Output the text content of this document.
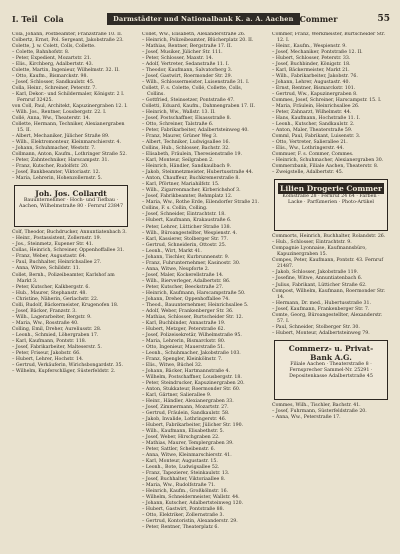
I. Teil Cola	Darmstädter und Nationalbank K. a. A. Aachen Commer	55

Cola, Johann, Postbeamter, Franzstraße 10. II.

Colbertz, Ernst, Pol. Sergeant, Jakobstraße 23.

Colette, J. w. Colett, Colls, Collette.

– Colette, Bahnhofstr. 8.

– Peter, Expedient, Mozartstr. 21.

– Elis., Kirchberg, Adalbertstr. 43.

Colette, Martin, Ingenieur, Wilhelmstr. 32. II.

– Otto, Kaufm., Bismarckstr. 98.

– Josef, Schlosser, Sandkaulstr. 45.

Colla, Heinr., Schreiner, Peterstr. 7.

– Karl, Dekor.- und Schildermaler, Königstr. 2 I. Fernruf 32425.

von Coll, Paul, Architekt, Kapuzinergraben 12. I.

– Wilh. Jos., Rentner, Lousbergstr. 22. I.

Collé, Anna, Ww., Theaterstr. 14.

Collette, Hermann, Techniker, Alexianergraben 15. II.

– Albert, Mechaniker, Jülicher Straße 89.

– Wilh., Elektromonteur, Kleinmarschierstr. 4.

– Johann, Schuhmacher, Weststr. 7.

Collmann, Anton, Kaufm., Lothringer Straße 52.

– Peter, Zahntechniker, Harscampstr. 31.

– Franz, Kutscher, Rudolfstr. 20.

– Josef, Bankbeamter, Viktoriastr. 12.

– Maria, Lehrerin, Hohenzollernstr. 5.

Joh. Jos. Collardt
Bauunternehmer · Hoch- und Tiefbau · Aachen, Wilhelmstraße 80 · Fernruf 23847

Colf, Theodor, Buchdrucker, Annuntiatenbach 3.

– Heinr., Postassistent, Zollernstr. 19.

– Jos., Steinmetz, Eupener Str. 41.

Collas, Heinrich, Schreiner, Oppenhoffallee 31.

– Franz, Weber, Augustastr. 64.

– Paul, Buchhalter, Heinrichsallee 27.

– Anna, Witwe, Schildstr. 11.

Collet, Bernh., Polizeibeamter, Karlshof am Markt 3.

– Peter, Kutscher, Kalkbergstr. 6.

– Hub., Maurer, Stephanstr. 48.

– Christine, Näherin, Gerlachstr. 22.

Colli, Rudolf, Bäckermeister, Krugenofen 18.

– Josef, Bäcker, Franzstr. 3.

– Wilh., Lagerarbeiter, Bergstr. 9.

– Maria, Ww., Rosstraße 40.

Colling, Emil, Dreher, Aureliusstr. 28.

– Leonh., Schmied, Löhergraben 17.

– Karl, Kaufmann, Pontstr. 118.

– Josef, Fabrikarbeiter, Malteserstr. 5.

– Peter, Friseur, Jakobstr. 66.

– Hubert, Lehrer, Hochstr. 14.

– Gertrud, Verkäuferin, Wirichsbongardstr. 35.

– Wilhelm, Kupferschläger, Süsterfeldstr. 2.

Collet, Ww., Elisabeth, Alexanderstraße 26.

– Heinrich, Polizeibeamter, Blücherplatz 20. II.

– Mathias, Rentner, Bergstraße 17. II.

– Josef, Musiker, Jülicher Str. 111.

– Peter, Schlosser, Maxstr. 14.

– Adolf, Vertreter, Sedanstraße 11. I.

– Theodor, Kaufmann, Salvatorberg 3.

– Josef, Gastwirt, Roermonder Str. 29.

– Wilh., Schlossermeister, Luisenstraße 31. I.

Collett, F. s. Colette, Collé, Collette, Colls, Collins.

– Gottfried, Steinsetzer, Pontstraße 47.

Colletti, Eduard, Kaufm., Dahmengraben 17. II.

– Heinrich, Ww., Wallstr. 13. II.

– Josef, Postschaffner, Elsassstraße 8.

– Otto, Schreiner, Talstraße 6.

– Peter, Fabrikarbeiter, Adalbertsteinweg 40.

– Franz, Maurer, Grüner Weg 3.

– Albert, Techniker, Ludwigsallee 16.

Collins, Hub., Schlosser, Bachstr. 32.

– Elisabeth, Fräulein, Theresienstraße 19.

– Karl, Monteur, Seilgraben 2.

– Heinrich, Händler, Sandkaulbach 9.

– Jakob, Steinmetzmeister, Hubertusstraße 44.

– Anton, Chauffeur, Buchkremerstraße 8.

– Karl, Pförtner, Mariahilfstr. 15.

– Wilh., Zigarrenmacher, Kirberichshof 3.

– Josef, Fabrikbeamter, Rehmplatz 12.

– Maria, Ww., Rothe Erde, Eilendorfer Straße 21.

Collins, F. s. Collin, Colling.

– Josef, Schneider, Eintrachtstr. 18.

– Hubert, Kaufmann, Krakaustraße 6.

– Peter, Lehrer, Lütticher Straße 138.

– Wilh., Büroangestellter, Wespienstr. 4.

– Karl, Kassierer, Stolberger Str. 77.

– Gertrud, Schneiderin, Ottostr. 25.

– Leonh., Wirt, Markt 41.

– Johann, Tischler, Kurbrunnenstr. 9.

– Franz, Fuhrunternehmer, Kasinostr. 30.

– Anna, Witwe, Neupforte 2.

– Josef, Maler, Kockerellstraße 14.

– Wilh., Bierverleger, Adalbertstr. 86.

– Peter, Kutscher, Beeckstraße 27.

– Heinrich, Kaufmann, Harscampstraße 50.

– Johann, Dreher, Oppenhoffallee 74.

– Theod., Bauunternehmer, Heinrichsallee 5.

– Adolf, Weber, Frankenberger Str. 36.

– Mathias, Schlosser, Burtscheider Str. 12.

– Karl, Buchbinder, Annastraße 19.

– Hubert, Metzger, Peterstraße 62.

– Josef, Polizeisekretär, Wilhelmstraße 95.

– Maria, Lehrerin, Bismarckstr. 80.

– Otto, Ingenieur, Mauerstraße 51.

– Leonh., Schuhmacher, Jakobstraße 103.

– Franz, Spengler, Kleinkölnstr. 7.

– Elis., Witwe, Büchel 32.

– Johann, Bäcker, Hartmannstraße 4.

– Wilhelm, Postschaffner, Lousbergstr. 18.

– Peter, Steindrucker, Kapuzinergraben 20.

– Anton, Stukkateur, Roermonder Str. 60.

– Karl, Gärtner, Salierallee 9.

– Heinr., Händler, Alexianergraben 33.

– Josef, Zimmermann, Mozartstr. 27.

– Gertrud, Fräulein, Sandkaulstr. 58.

– Jakob, Invalide, Lothringerstr. 46.

– Hubert, Fabrikarbeiter, Jülicher Str. 190.

– Wilh., Kaufmann, Elisabethstr. 5.

– Josef, Weber, Hirschgraben 22.

– Mathias, Maurer, Templergraben 39.

– Peter, Sattler, Scheibenstr. 6.

– Anna, Witwe, Kleinmarschierstr. 41.

– Karl, Monteur, Augustastr. 15.

– Leonh., Bote, Ludwigsallee 52.

– Franz, Tapezierer, Steinkaulstr. 13.

– Josef, Buchhalter, Viktoriaallee 8.

– Maria, Ww., Rudolfstraße 71.

– Heinrich, Kaufm., Großkölnstr. 16.

– Wilhelm, Schneidermeister, Wallstr. 44.

– Johann, Kutscher, Adalbertsteinweg 120.

– Hubert, Gastwirt, Pontstraße 88.

– Otto, Elektriker, Zollernstraße 3.

– Gertrud, Kontoristin, Alexanderstr. 29.

– Peter, Rentner, Theaterplatz 6.

Commer, Franz, Werkmeister, Burtscheider Str. 12. I.

– Heinr., Kaufm., Wespienstr. 9.

– Josef, Mechaniker, Pontstraße 12. II.

– Hubert, Schlosser, Peterstr. 33.

– Josef, Buchbinder, Königstr. 18.

– Karl, Bäckermeister, Markt 21.

– Wilh., Fabrikarbeiter, Jakobstr. 76.

– Johann, Lehrer, Augustastr. 40.

– Ernst, Rentner, Bismarckstr. 101.

– Gertrud, Ww., Kapuzinergraben 8.

Commes, Josef, Schreiner, Harscampstr. 15. I.

– Maria, Fräulein, Heinrichsallee 26.

– Peter, Zahnarzt, Wilhelmstr. 44.

– Hans, Kaufmann, Hochstraße 11. I.

– Leonh., Kutscher, Sandkaulstr. 2.

– Anton, Maler, Theaterstraße 59.

Comml, Paul, Fabrikant, Luisenstr. 3.

– Otto, Vertreter, Salierallee 21.

– Elis., Ww., Lothringerstr. 44.

Commuer, F. s. Commer, Commes.

– Heinrich, Schuhmacher, Alexianergraben 30.

Commerzbank, Filiale Aachen, Theaterstr. 8.

– Zweigstelle, Adalbertstr. 45.

Lilien Drogerie Commer
Kölnstraße 28 · Fernruf 24 64 · Farben · Lacke · Parfümerien · Photo-Artikel

Commorts, Heinrich, Buchhalter, Rolandstr. 26.

– Hub., Schlosser, Eintrachtstr. 9.

Compagnie Lyonnaise, Kaufmannsbüro, Kapuzinergraben 15.

Compes, Peter, Kaufmann, Pontstr. 43. Fernruf 21487.

– Jakob, Schlosser, Jakobstraße 119.

– Josefine, Witwe, Annuntiatenbach 6.

– Julius, Fabrikant, Lütticher Straße 62.

Compost, Wilhelm, Kaufmann, Roermonder Str. 14.

– Hermann, Dr. med., Hubertusstraße 31.

– Josef, Kaufmann, Frankenberger Str. 7.

Comte, Georg, Büroangestellter, Alexanderstr. 57. I.

– Paul, Schneider, Stolberger Str. 30.

– Hubert, Monteur, Adalbertsteinweg 79.

Commerz- u. Privat-Bank A.G.
Filiale Aachen · Theaterstraße 8 · Fernsprecher Sammel-Nr. 25291 · Depositenkasse Adalbertstraße 45

Commes, Wilh., Tischler, Bachstr. 41.

– Josef, Fuhrmann, Süsterfeldstraße 20.

– Anna, Ww., Peterstraße 17.
